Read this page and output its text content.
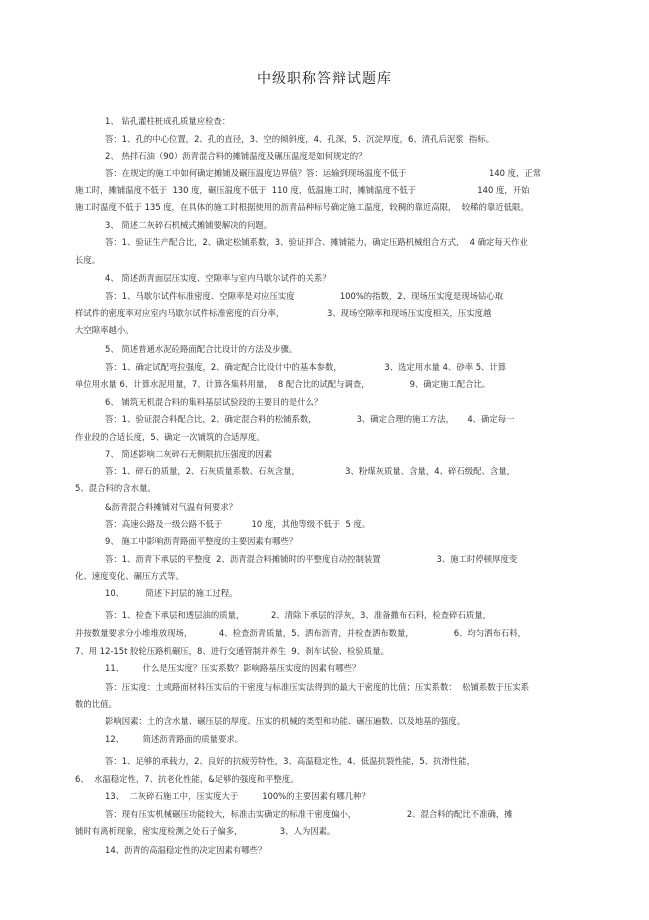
中级职称答辩试题库
1、 钻孔灌柱桩成孔质量应检查：
答：1、孔的中心位置，2、孔的直径，3、空的倾斜度，4、孔深，5、沉淀厚度，6、清孔后泥浆  指标。
2、 热拌石油（90）沥青混合料的摊铺温度及碾压温度是如何规定的？
答：在规定的施工中如何确定摊铺及碾压温度边界值？答：运输到现场温度不低于                               140 度，正常
施工时，摊铺温度不低于  130 度，碾压温度不低于  110 度，低温施工时，摊铺温度不低于                       140 度，开始
施工时温度不低于 135 度，在具体的施工时根据使用的沥青品种标号确定施工温度，较稠的靠近高限，  较稀的靠近低限。
3、 简述二灰碎石机械式摊铺要解决的问题。
答：1、验证生产配合比，2、确定松铺系数，3、验证拌合、摊铺能力，确定压路机械组合方式，  4 确定每天作业
长度。
4、 简述沥青面层压实度、空隙率与室内马歇尔试件的关系？
答：1、马歇尔试件标准密度、空隙率是对应压实度                 100%的指数，2、现场压实度是现场钻心取
样试件的密度率对应室内马歇尔试件标准密度的百分率，                3、现场空隙率和现场压实度相关，压实度越
大空隙率越小。
5、 简述普通水泥砼路面配合比设计的方法及步骤。
答：1、确定试配弯拉强度，2、确定配合比设计中的基本参数，                3、选定用水量 4、砂率 5、计算
单位用水量 6、计算水泥用量，7、计算各集料用量，  8 配合比的试配与调查，               9、确定施工配合比。
6、 铺筑无机混合料的集料基层试验段的主要目的是什么？
答：1、验证混合料配合比，2、确定混合料的松铺系数，               3、确定合理的施工方法，     4、确定每一
作业段的合适长度，5、确定一次铺筑的合适厚度。
7、 简述影响二灰碎石无侧限抗压强度的因素
答：1、碎石的质量，2、石灰质量系数、石灰含量，                 3、粉煤灰质量、含量，4、碎石级配、含量，
5、混合料的含水量。
&沥青混合料摊铺对气温有何要求？
答：高速公路及一级公路不低于           10 度，其他等级不低于  5 度。
9、 施工中影响沥青路面平整度的主要因素有哪些？
答：1、沥青下承层的平整度  2、沥青混合料摊铺时的平整度自动控制装置                     3、施工时停顿厚度变
化、速度变化、碾压方式等。
10、        简述下封层的施工过程。
答：1、检查下承层和透层油的质量，          2、清除下承层的浮灰，3、准备撒布石料，检查碎石质量，
并按数量要求分小堆堆放现场，          4、检查沥青质量，5、洒布沥青，并检查洒布数量，               6、均匀洒布石料，
7、用 12-15t 胶轮压路机碾压，8、进行交通管制并养生  9、刹车试验、检验质量。
11、       什么是压实度？压实系数？影响路基压实度的因素有哪些？
答：压实度：土或路面材料压实后的干密度与标准压实法得到的最大干密度的比值；压实系数：  松铺系数于压实系
数的比值。
影响因素：土的含水量、碾压层的厚度、压实的机械的类型和功能、碾压遍数、以及地基的强度。
12、       简述沥青路面的质量要求。
答：1、足够的承载力，2、良好的抗疲劳特性，3、高温稳定性，4、低温抗裂性能，5、抗滑性能，
6、  水温稳定性，7、抗老化性能，&足够的强度和平整度。
13、  二灰碎石施工中，压实度大于         100%的主要因素有哪几种？
答：现有压实机械碾压功能较大，标准击实确定的标准干密度偏小，                   2、混合料的配比不准确，摊
铺时有离析现象，密实度检测之处石子偏多，              3、人为因素。
14、沥青的高温稳定性的决定因素有哪些？
